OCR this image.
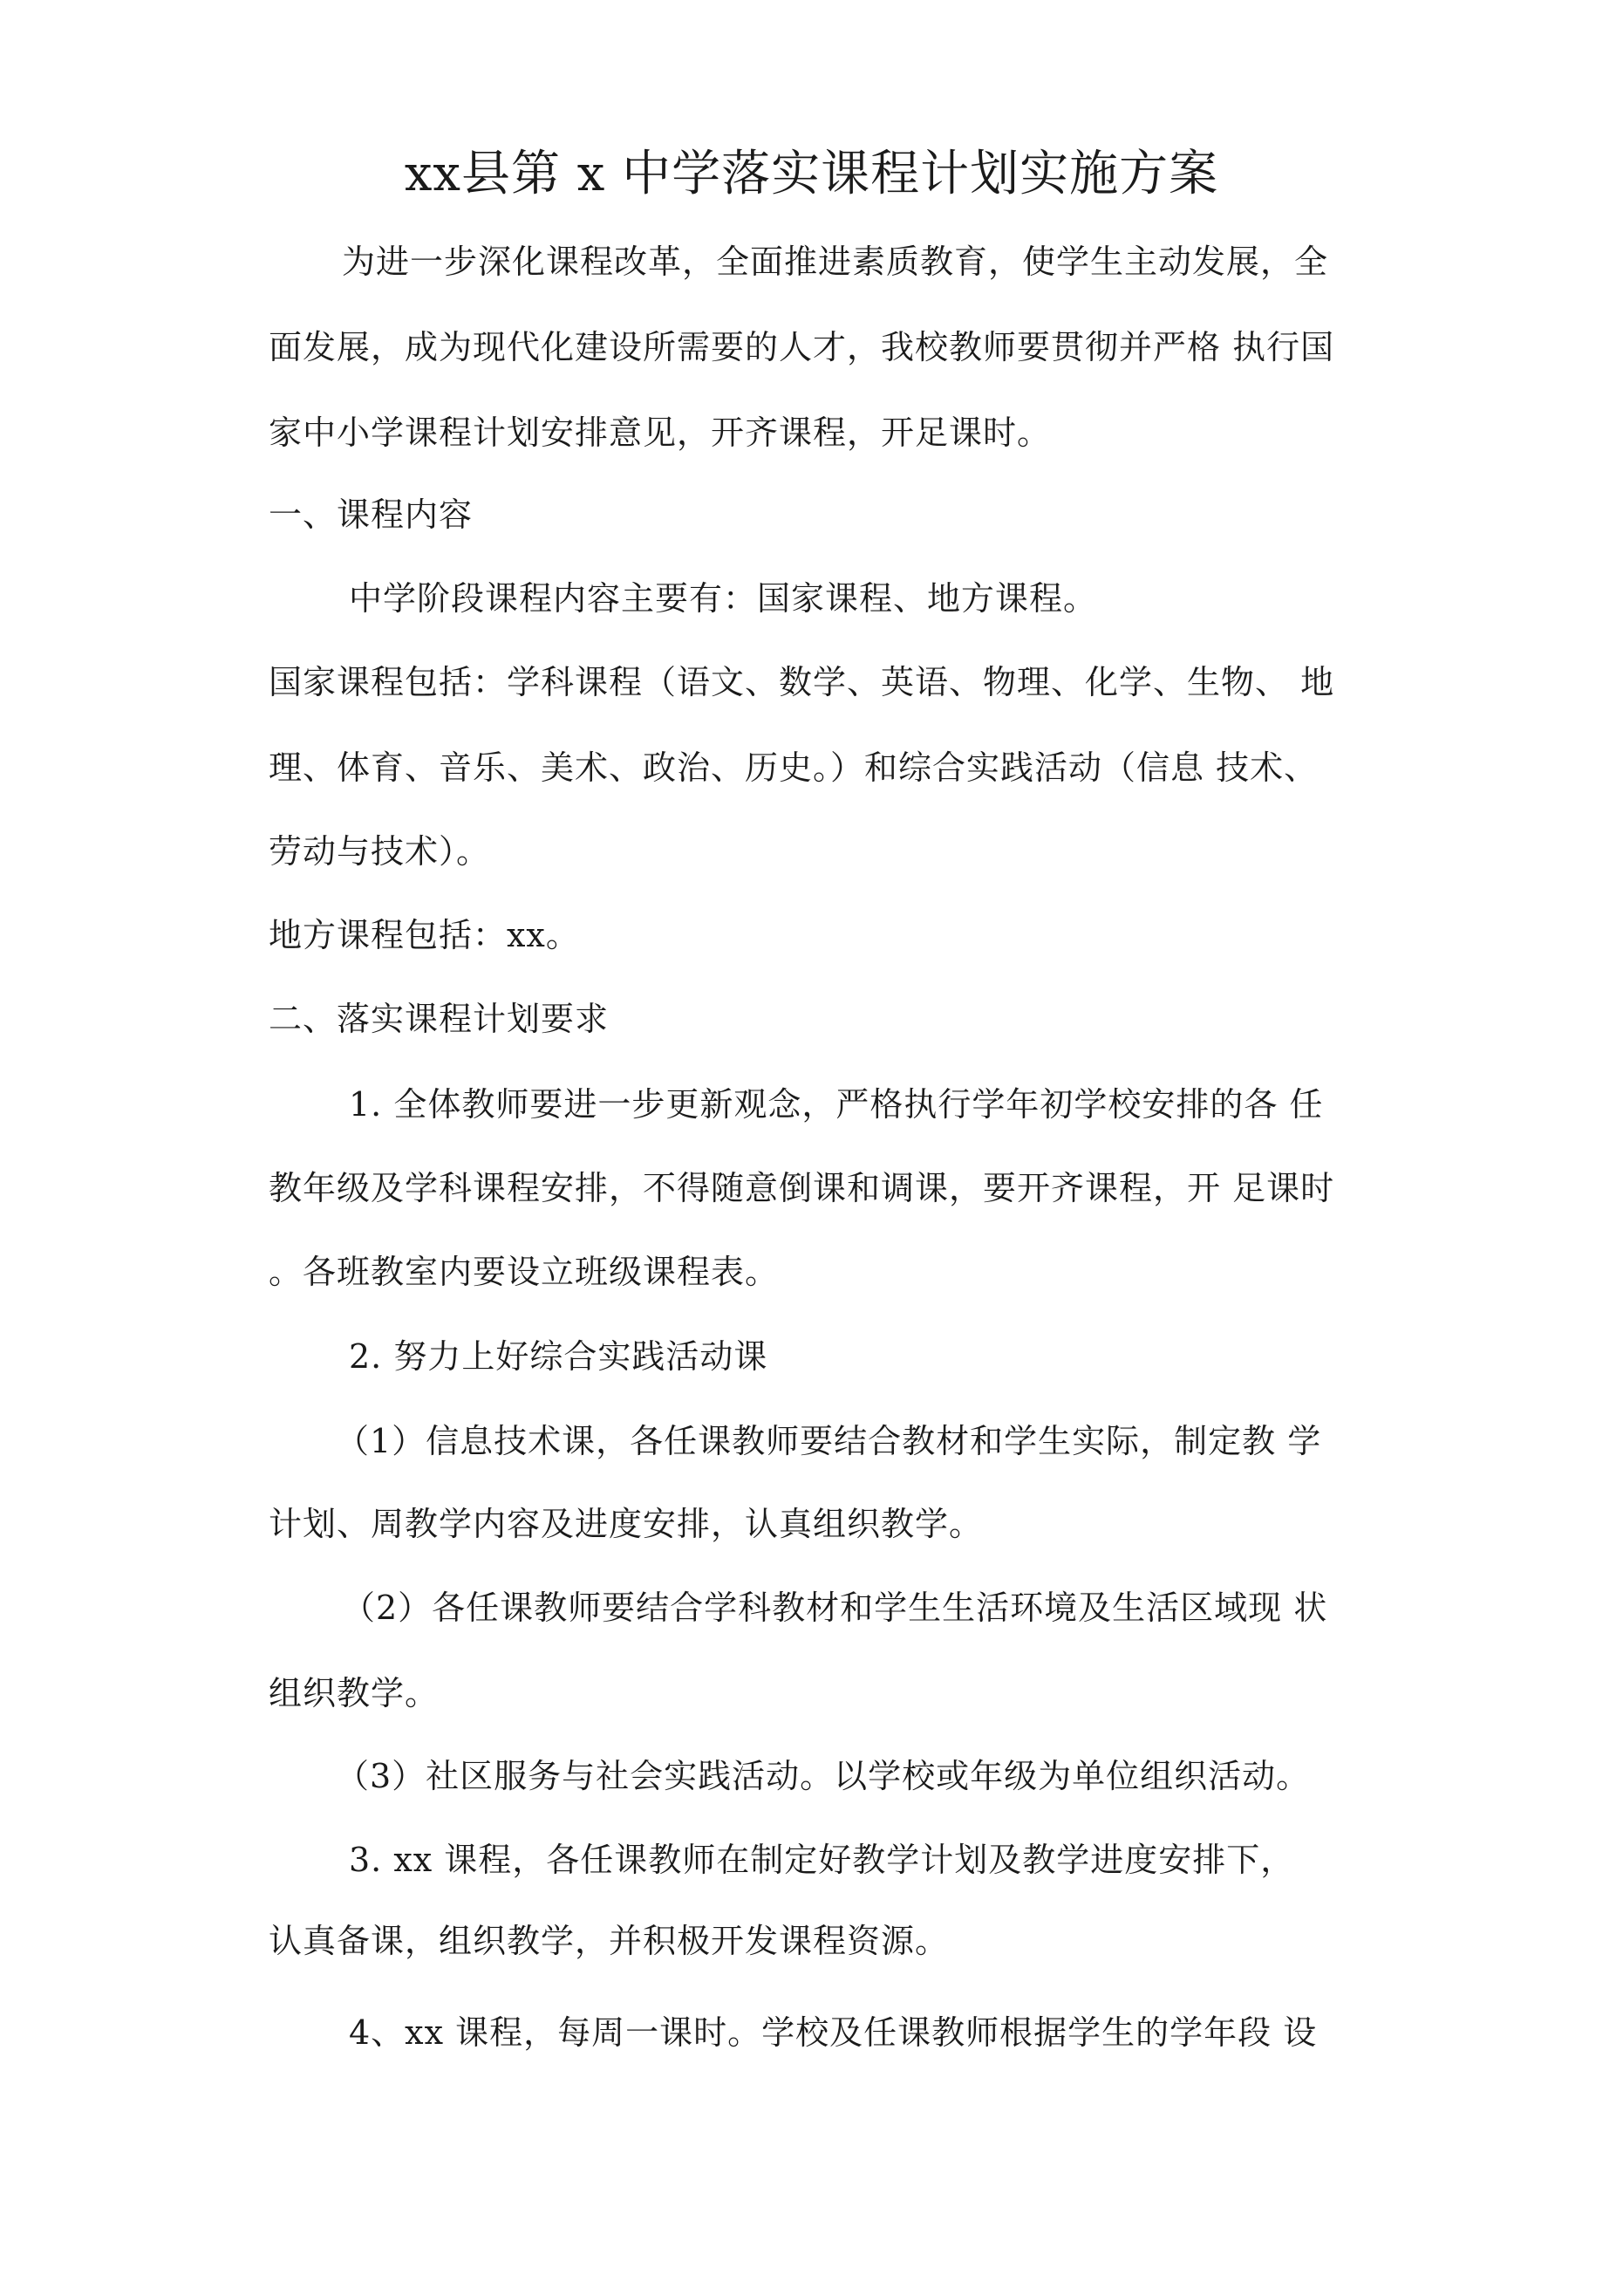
xx县第 x 中学落实课程计划实施方案
为进一步深化课程改革，全面推进素质教育，使学生主动发展，全
面发展，成为现代化建设所需要的人才，我校教师要贯彻并严格 执行国
家中小学课程计划安排意见，开齐课程，开足课时。
一、课程内容
中学阶段课程内容主要有：国家课程、地方课程。
国家课程包括：学科课程（语文、数学、英语、物理、化学、生物、 地
理、体育、音乐、美术、政治、历史。）和综合实践活动（信息 技术、
劳动与技术）。
地方课程包括：xx。
二、落实课程计划要求
1. 全体教师要进一步更新观念，严格执行学年初学校安排的各 任
教年级及学科课程安排，不得随意倒课和调课，要开齐课程，开 足课时
。各班教室内要设立班级课程表。
2. 努力上好综合实践活动课
（1）信息技术课，各任课教师要结合教材和学生实际，制定教 学
计划、周教学内容及进度安排，认真组织教学。
（2）各任课教师要结合学科教材和学生生活环境及生活区域现 状
组织教学。
（3）社区服务与社会实践活动。以学校或年级为单位组织活动。
3. xx 课程，各任课教师在制定好教学计划及教学进度安排下，
认真备课，组织教学，并积极开发课程资源。
4、xx 课程，每周一课时。学校及任课教师根据学生的学年段 设
